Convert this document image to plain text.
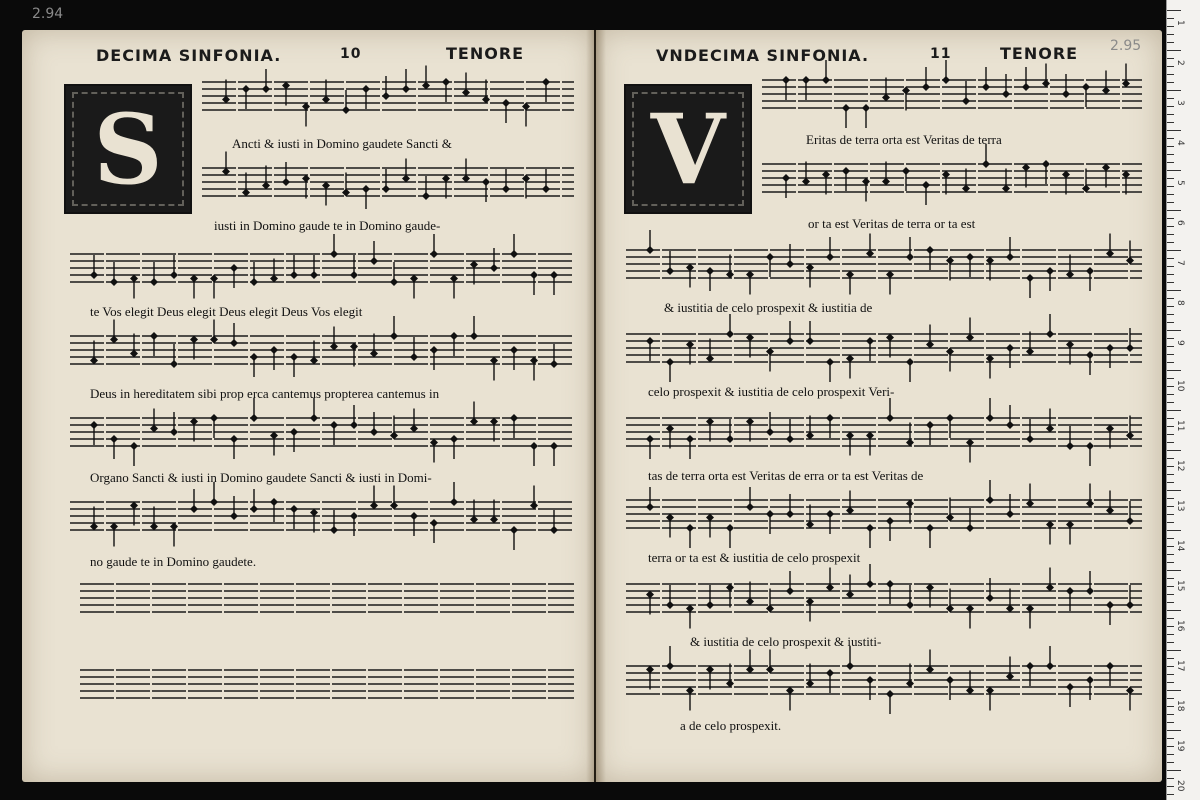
2.94
DECIMA SINFONIA.	10	TENORE	VNDECIMA SINFONIA.	11	TENORE 2.95
S	V
Ancti & iusti in Domino gaudete Sancti &
iusti in Domino gaude te in Domino gaude-
te Vos elegit Deus elegit Deus elegit Deus Vos elegit
Deus in hereditatem sibi prop erca cantemus propterea cantemus in
Organo Sancti & iusti in Domino gaudete Sancti & iusti in Domi-
no gaude te in Domino gaudete.
Eritas de terra orta est Veritas de terra
or ta est Veritas de terra or ta est
& iustitia de celo prospexit & iustitia de
celo prospexit & iustitia de celo prospexit Veri-
tas de terra orta est Veritas de erra or ta est Veritas de
terra or ta est & iustitia de celo prospexit
& iustitia de celo prospexit & iustiti-
a de celo prospexit.
1
2
3
4
5
6
7
8
9
10
11
12
13
14
15
16
17
18
19
20
